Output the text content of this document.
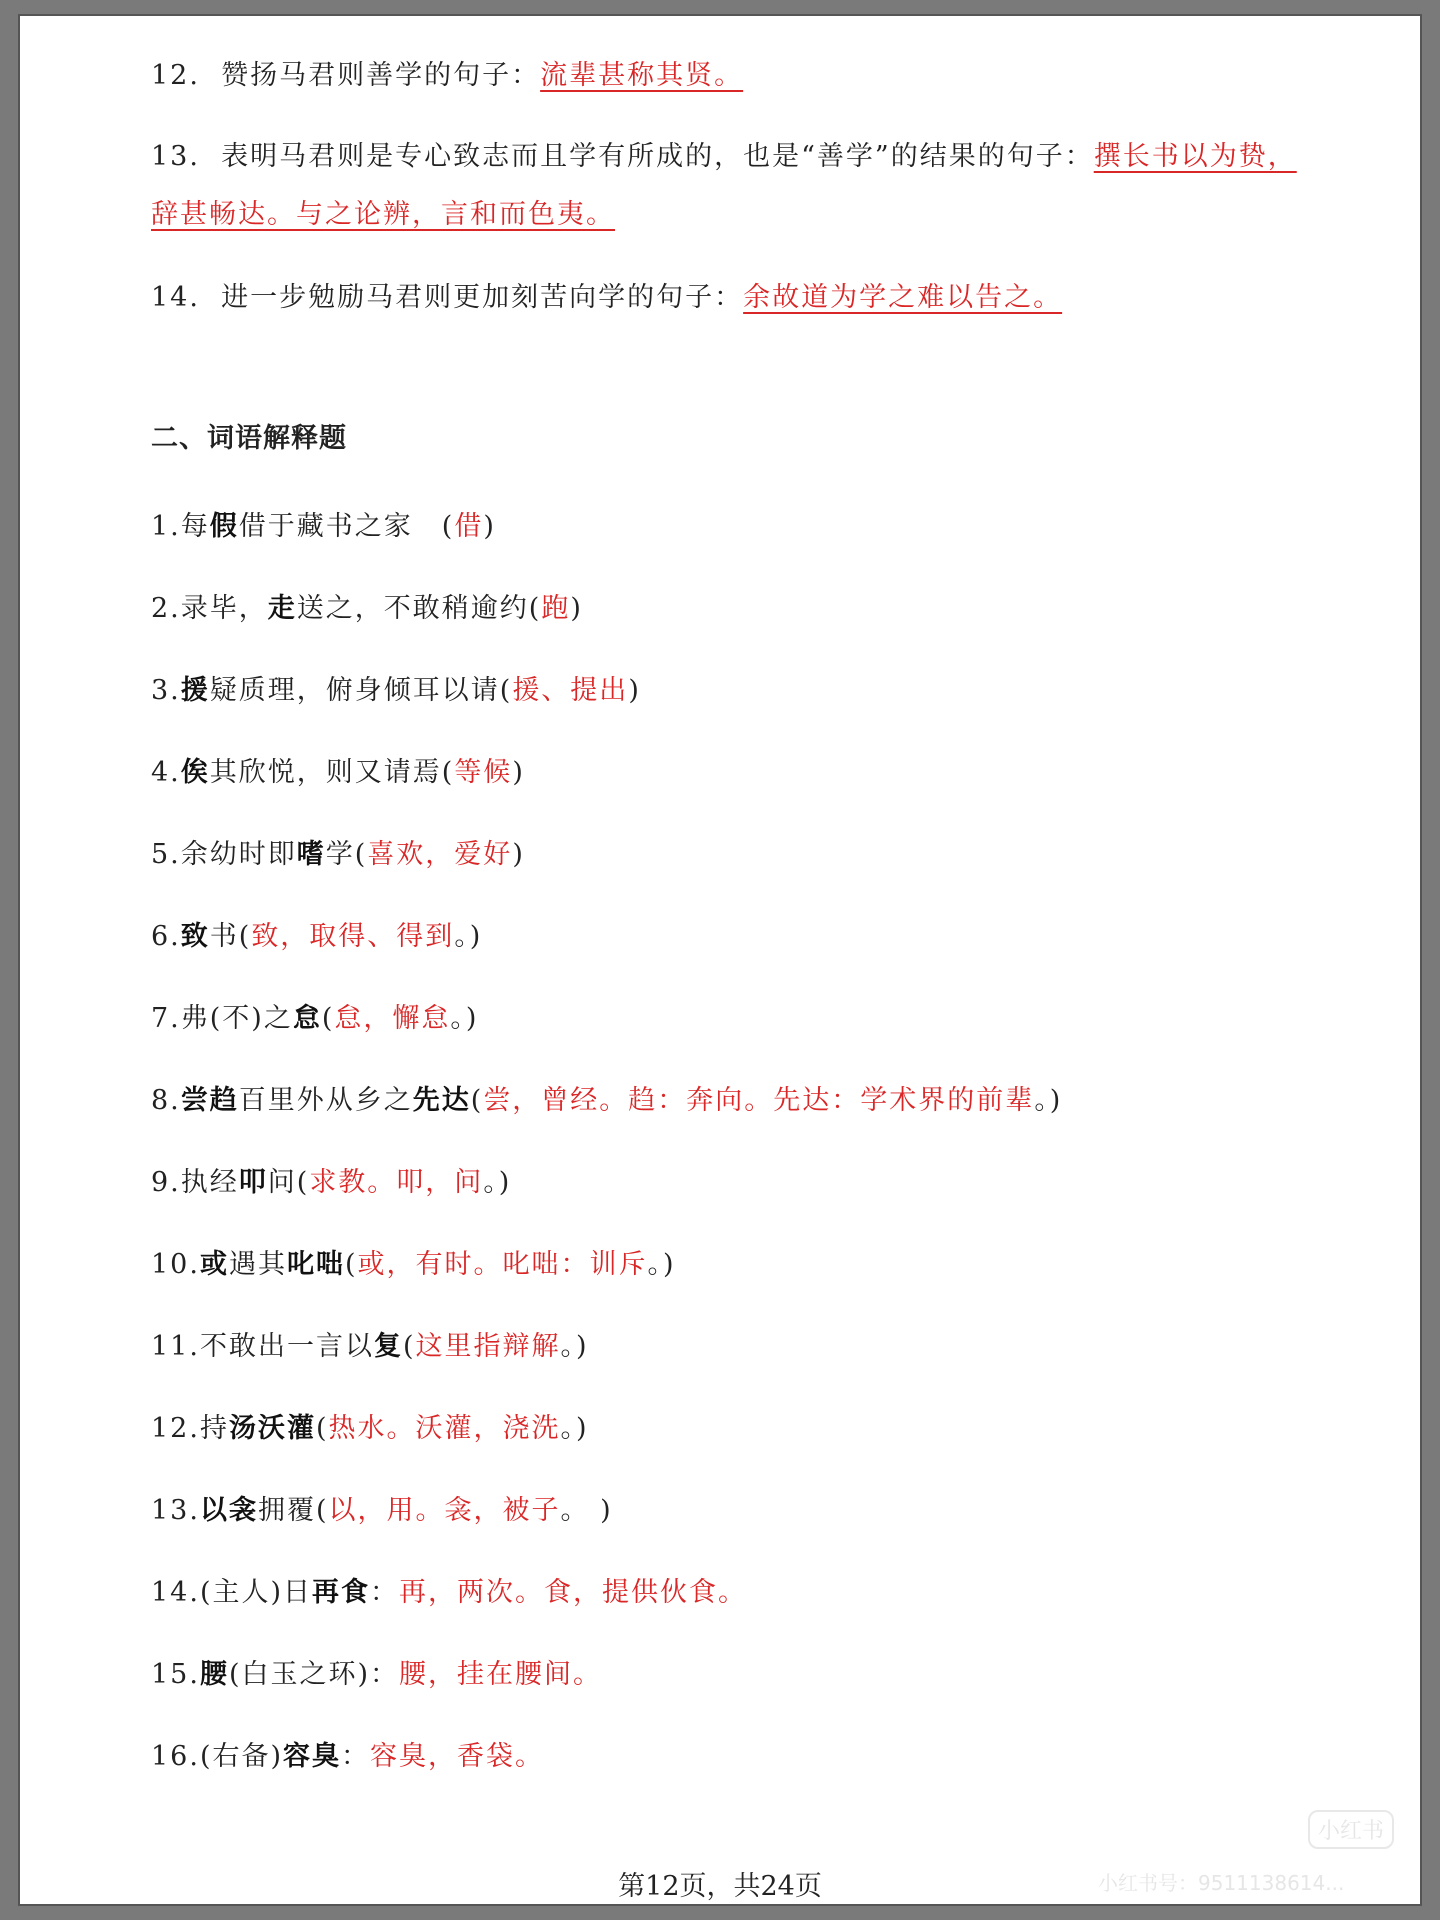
12. 赞扬马君则善学的句子：流辈甚称其贤。
13. 表明马君则是专心致志而且学有所成的，也是“善学”的结果的句子：撰长书以为贽，
辞甚畅达。与之论辨，言和而色夷。
14. 进一步勉励马君则更加刻苦向学的句子：余故道为学之难以告之。
二、词语解释题
1.每假借于藏书之家　(借)
2.录毕，走送之，不敢稍逾约(跑)
3.援疑质理，俯身倾耳以请(援、提出)
4.俟其欣悦，则又请焉(等候)
5.余幼时即嗜学(喜欢，爱好)
6.致书(致，取得、得到。)
7.弗(不)之怠(怠，懈怠。)
8.尝趋百里外从乡之先达(尝，曾经。趋：奔向。先达：学术界的前辈。)
9.执经叩问(求教。叩，问。)
10.或遇其叱咄(或，有时。叱咄：训斥。)
11.不敢出一言以复(这里指辩解。)
12.持汤沃灌(热水。沃灌，浇洗。)
13.以衾拥覆(以，用。衾，被子。 )
14.(主人)日再食：再，两次。食，提供伙食。
15.腰(白玉之环)：腰，挂在腰间。
16.(右备)容臭：容臭，香袋。
第12页，共24页
小红书
小红书号：9511138614...
